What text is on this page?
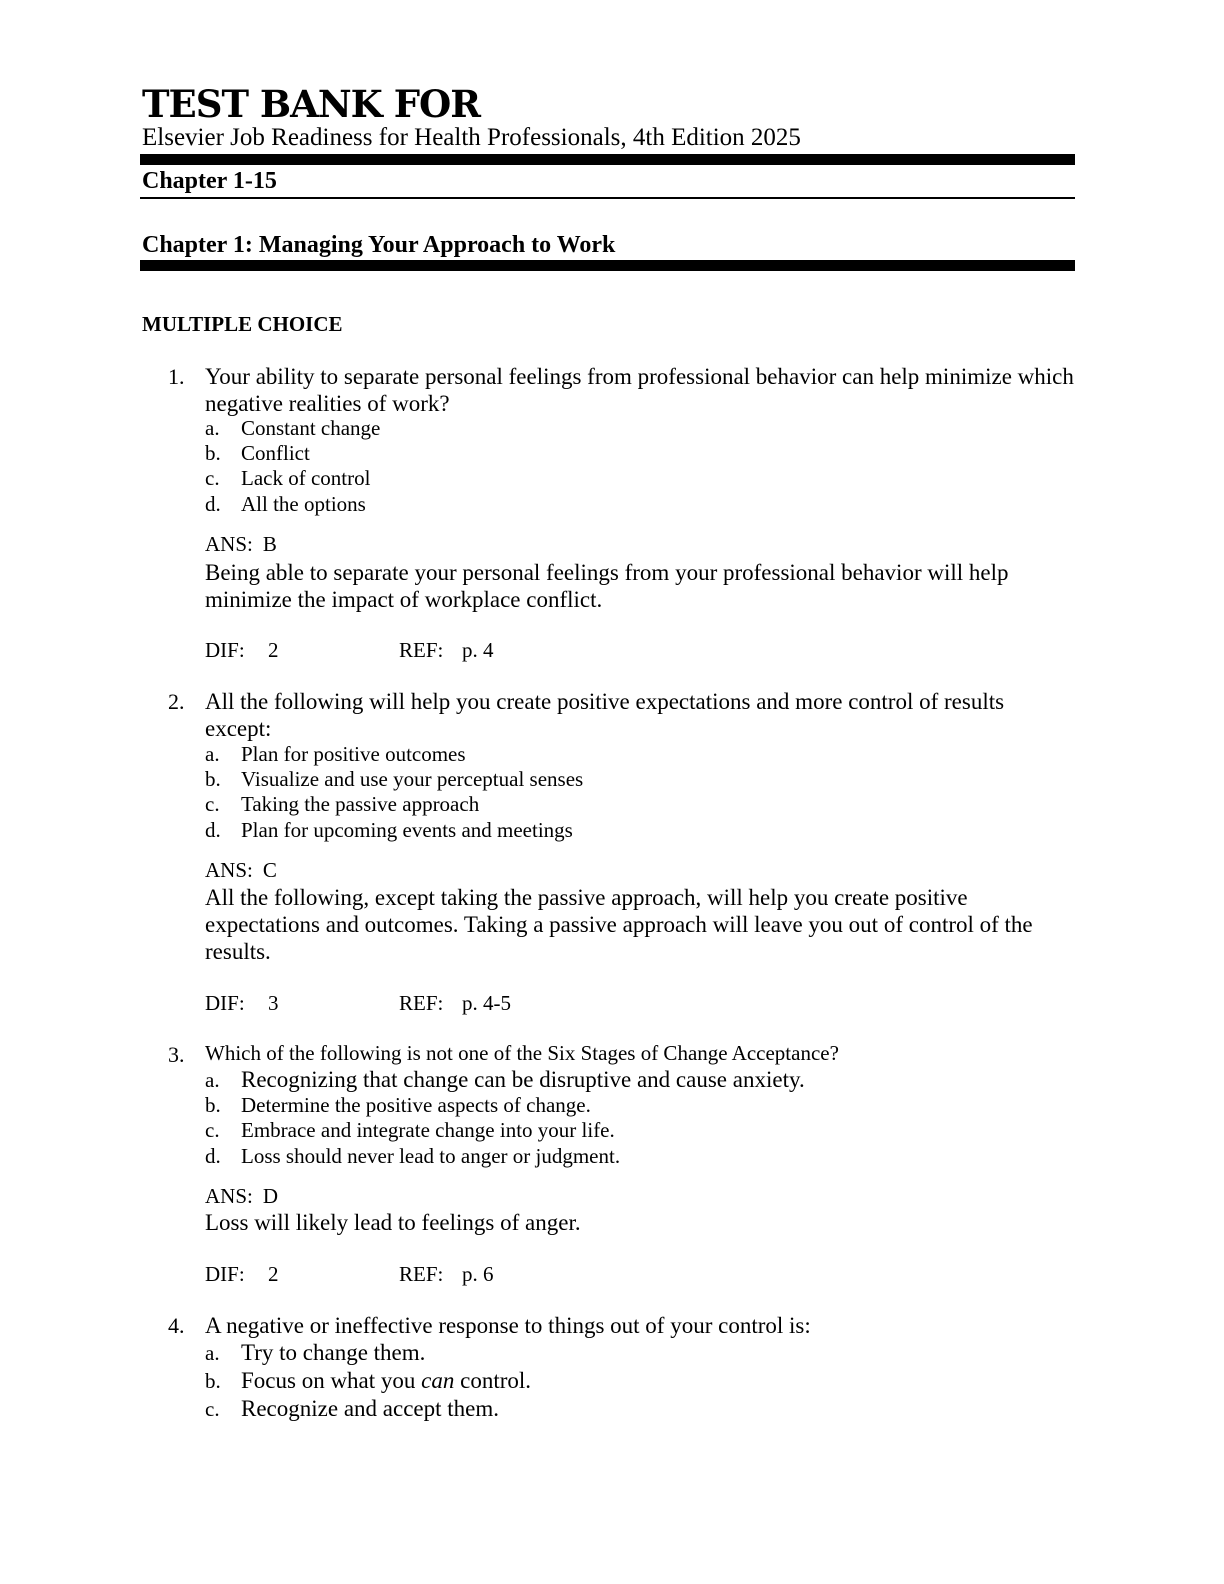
TEST BANK FOR
Elsevier Job Readiness for Health Professionals, 4th Edition 2025
Chapter 1-15
Chapter 1: Managing Your Approach to Work
MULTIPLE CHOICE
1. Your ability to separate personal feelings from professional behavior can help minimize which negative realities of work?
a. Constant change
b. Conflict
c. Lack of control
d. All the options
ANS: B
Being able to separate your personal feelings from your professional behavior will help minimize the impact of workplace conflict.
DIF: 2	REF: p. 4
2. All the following will help you create positive expectations and more control of results except:
a. Plan for positive outcomes
b. Visualize and use your perceptual senses
c. Taking the passive approach
d. Plan for upcoming events and meetings
ANS: C
All the following, except taking the passive approach, will help you create positive expectations and outcomes. Taking a passive approach will leave you out of control of the results.
DIF: 3	REF: p. 4-5
3. Which of the following is not one of the Six Stages of Change Acceptance?
a. Recognizing that change can be disruptive and cause anxiety.
b. Determine the positive aspects of change.
c. Embrace and integrate change into your life.
d. Loss should never lead to anger or judgment.
ANS: D
Loss will likely lead to feelings of anger.
DIF: 2	REF: p. 6
4. A negative or ineffective response to things out of your control is:
a. Try to change them.
b. Focus on what you can control.
c. Recognize and accept them.
